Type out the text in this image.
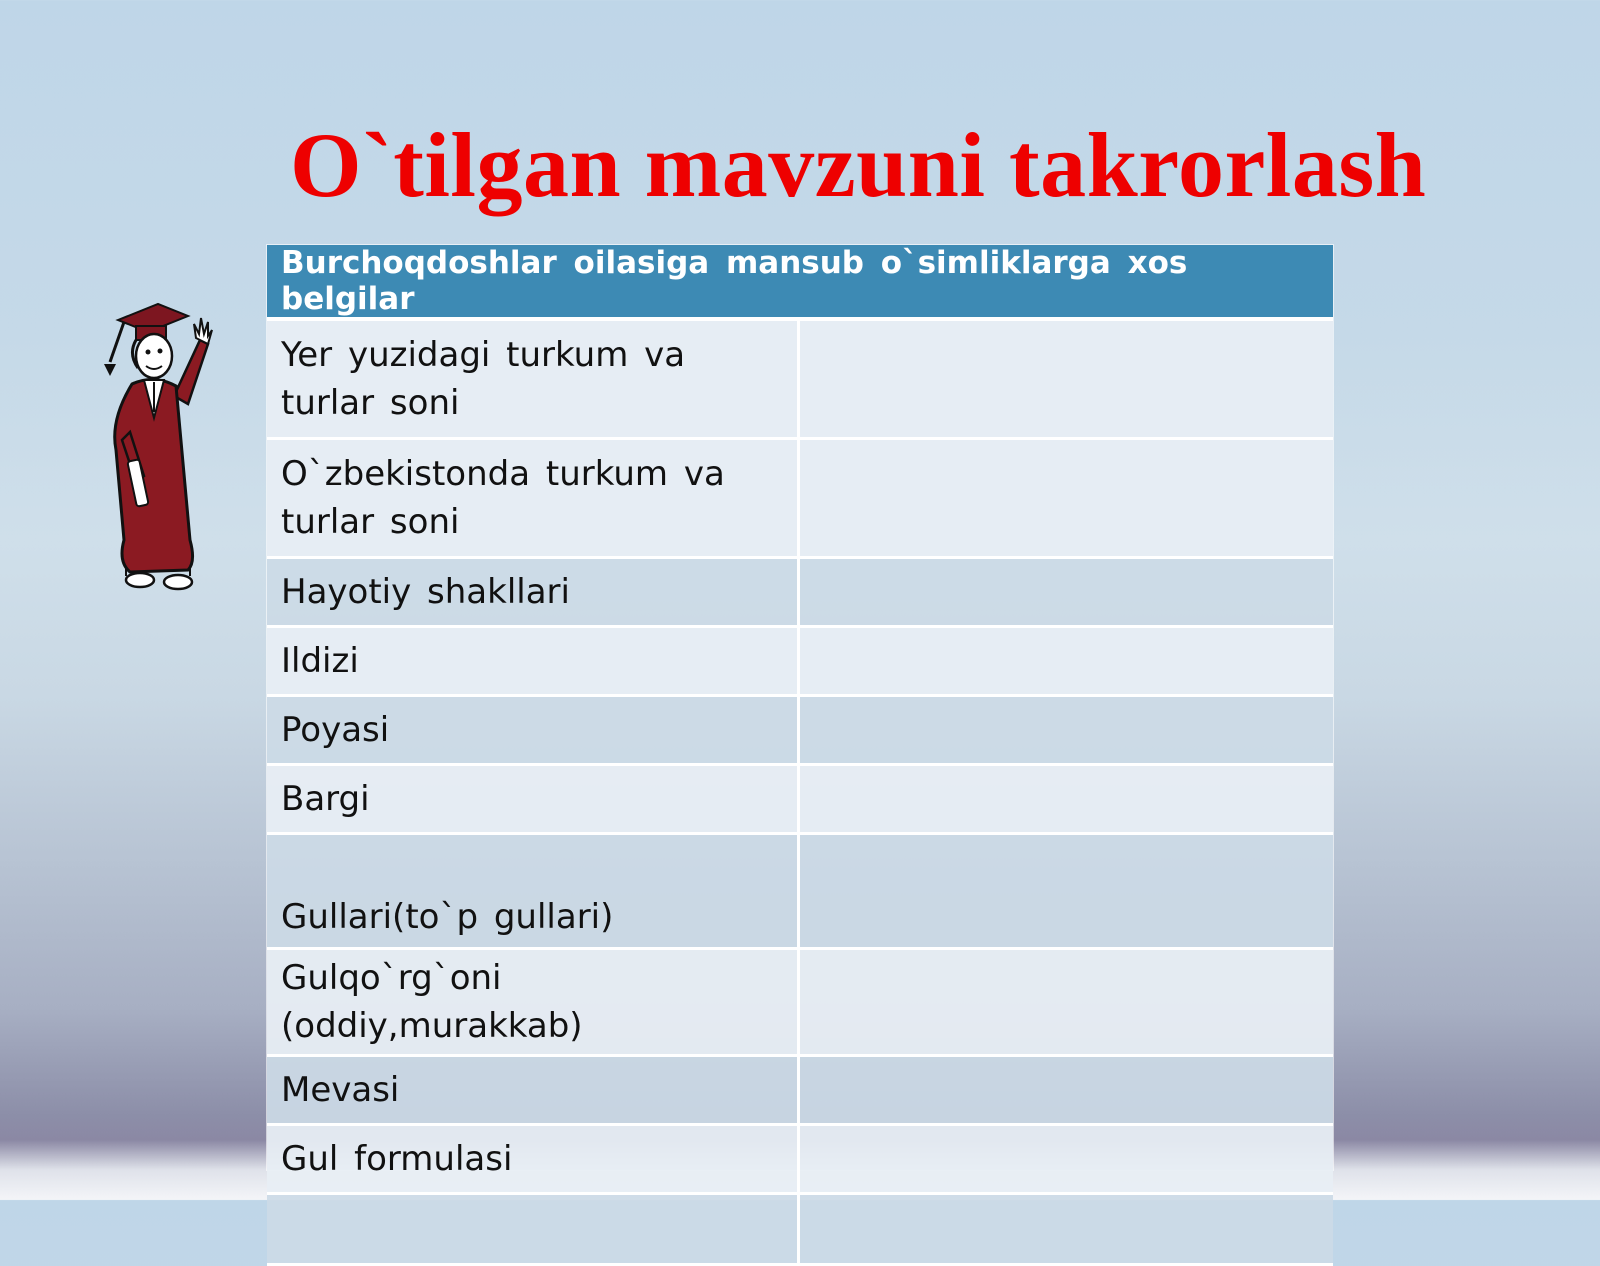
O`tilgan mavzuni takrorlash
Burchoqdoshlar oilasiga mansub o`simliklarga xos belgilar	
Yer yuzidagi turkum va turlar soni	
O`zbekistonda turkum va turlar soni	
Hayotiy shakllari	
Ildizi	
Poyasi	
Bargi	
Gullari(to`p gullari)	
Gulqo`rg`oni (oddiy,murakkab)	
Mevasi	
Gul formulasi	
